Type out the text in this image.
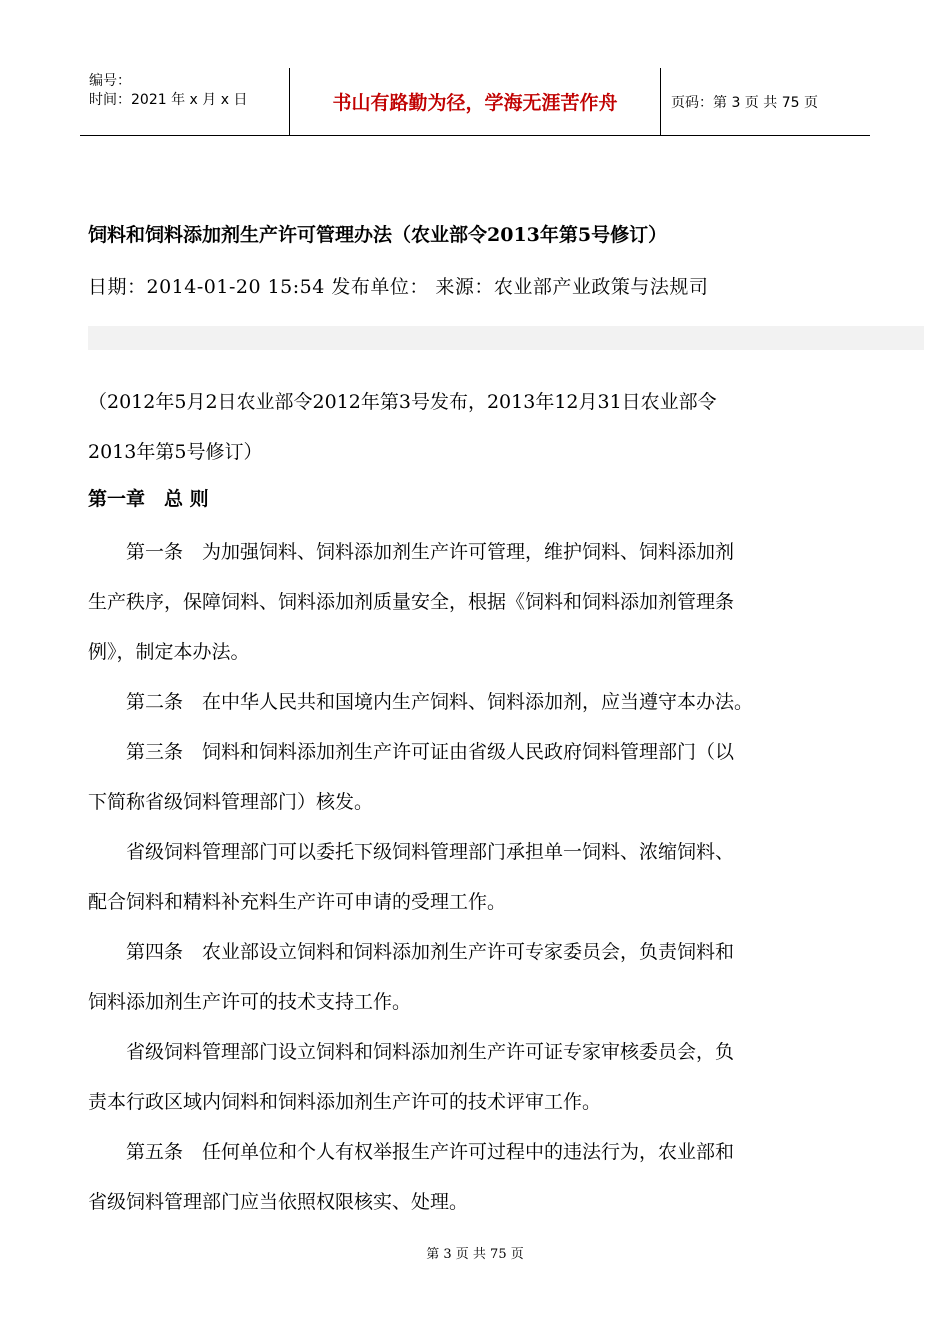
编号：
时间：2021 年 x 月 x 日	书山有路勤为径，学海无涯苦作舟	页码：第 3 页 共 75 页
饲料和饲料添加剂生产许可管理办法（农业部令2013年第5号修订）
日期：2014-01-20 15:54 发布单位： 来源：农业部产业政策与法规司
（2012年5月2日农业部令2012年第3号发布，2013年12月31日农业部令
2013年第5号修订）
第一章　总 则
　　第一条　为加强饲料、饲料添加剂生产许可管理，维护饲料、饲料添加剂
生产秩序，保障饲料、饲料添加剂质量安全，根据《饲料和饲料添加剂管理条
例》，制定本办法。
　　第二条　在中华人民共和国境内生产饲料、饲料添加剂，应当遵守本办法。
　　第三条　饲料和饲料添加剂生产许可证由省级人民政府饲料管理部门（以
下简称省级饲料管理部门）核发。
　　省级饲料管理部门可以委托下级饲料管理部门承担单一饲料、浓缩饲料、
配合饲料和精料补充料生产许可申请的受理工作。
　　第四条　农业部设立饲料和饲料添加剂生产许可专家委员会，负责饲料和
饲料添加剂生产许可的技术支持工作。
　　省级饲料管理部门设立饲料和饲料添加剂生产许可证专家审核委员会，负
责本行政区域内饲料和饲料添加剂生产许可的技术评审工作。
　　第五条　任何单位和个人有权举报生产许可过程中的违法行为，农业部和
省级饲料管理部门应当依照权限核实、处理。
第 3 页 共 75 页
